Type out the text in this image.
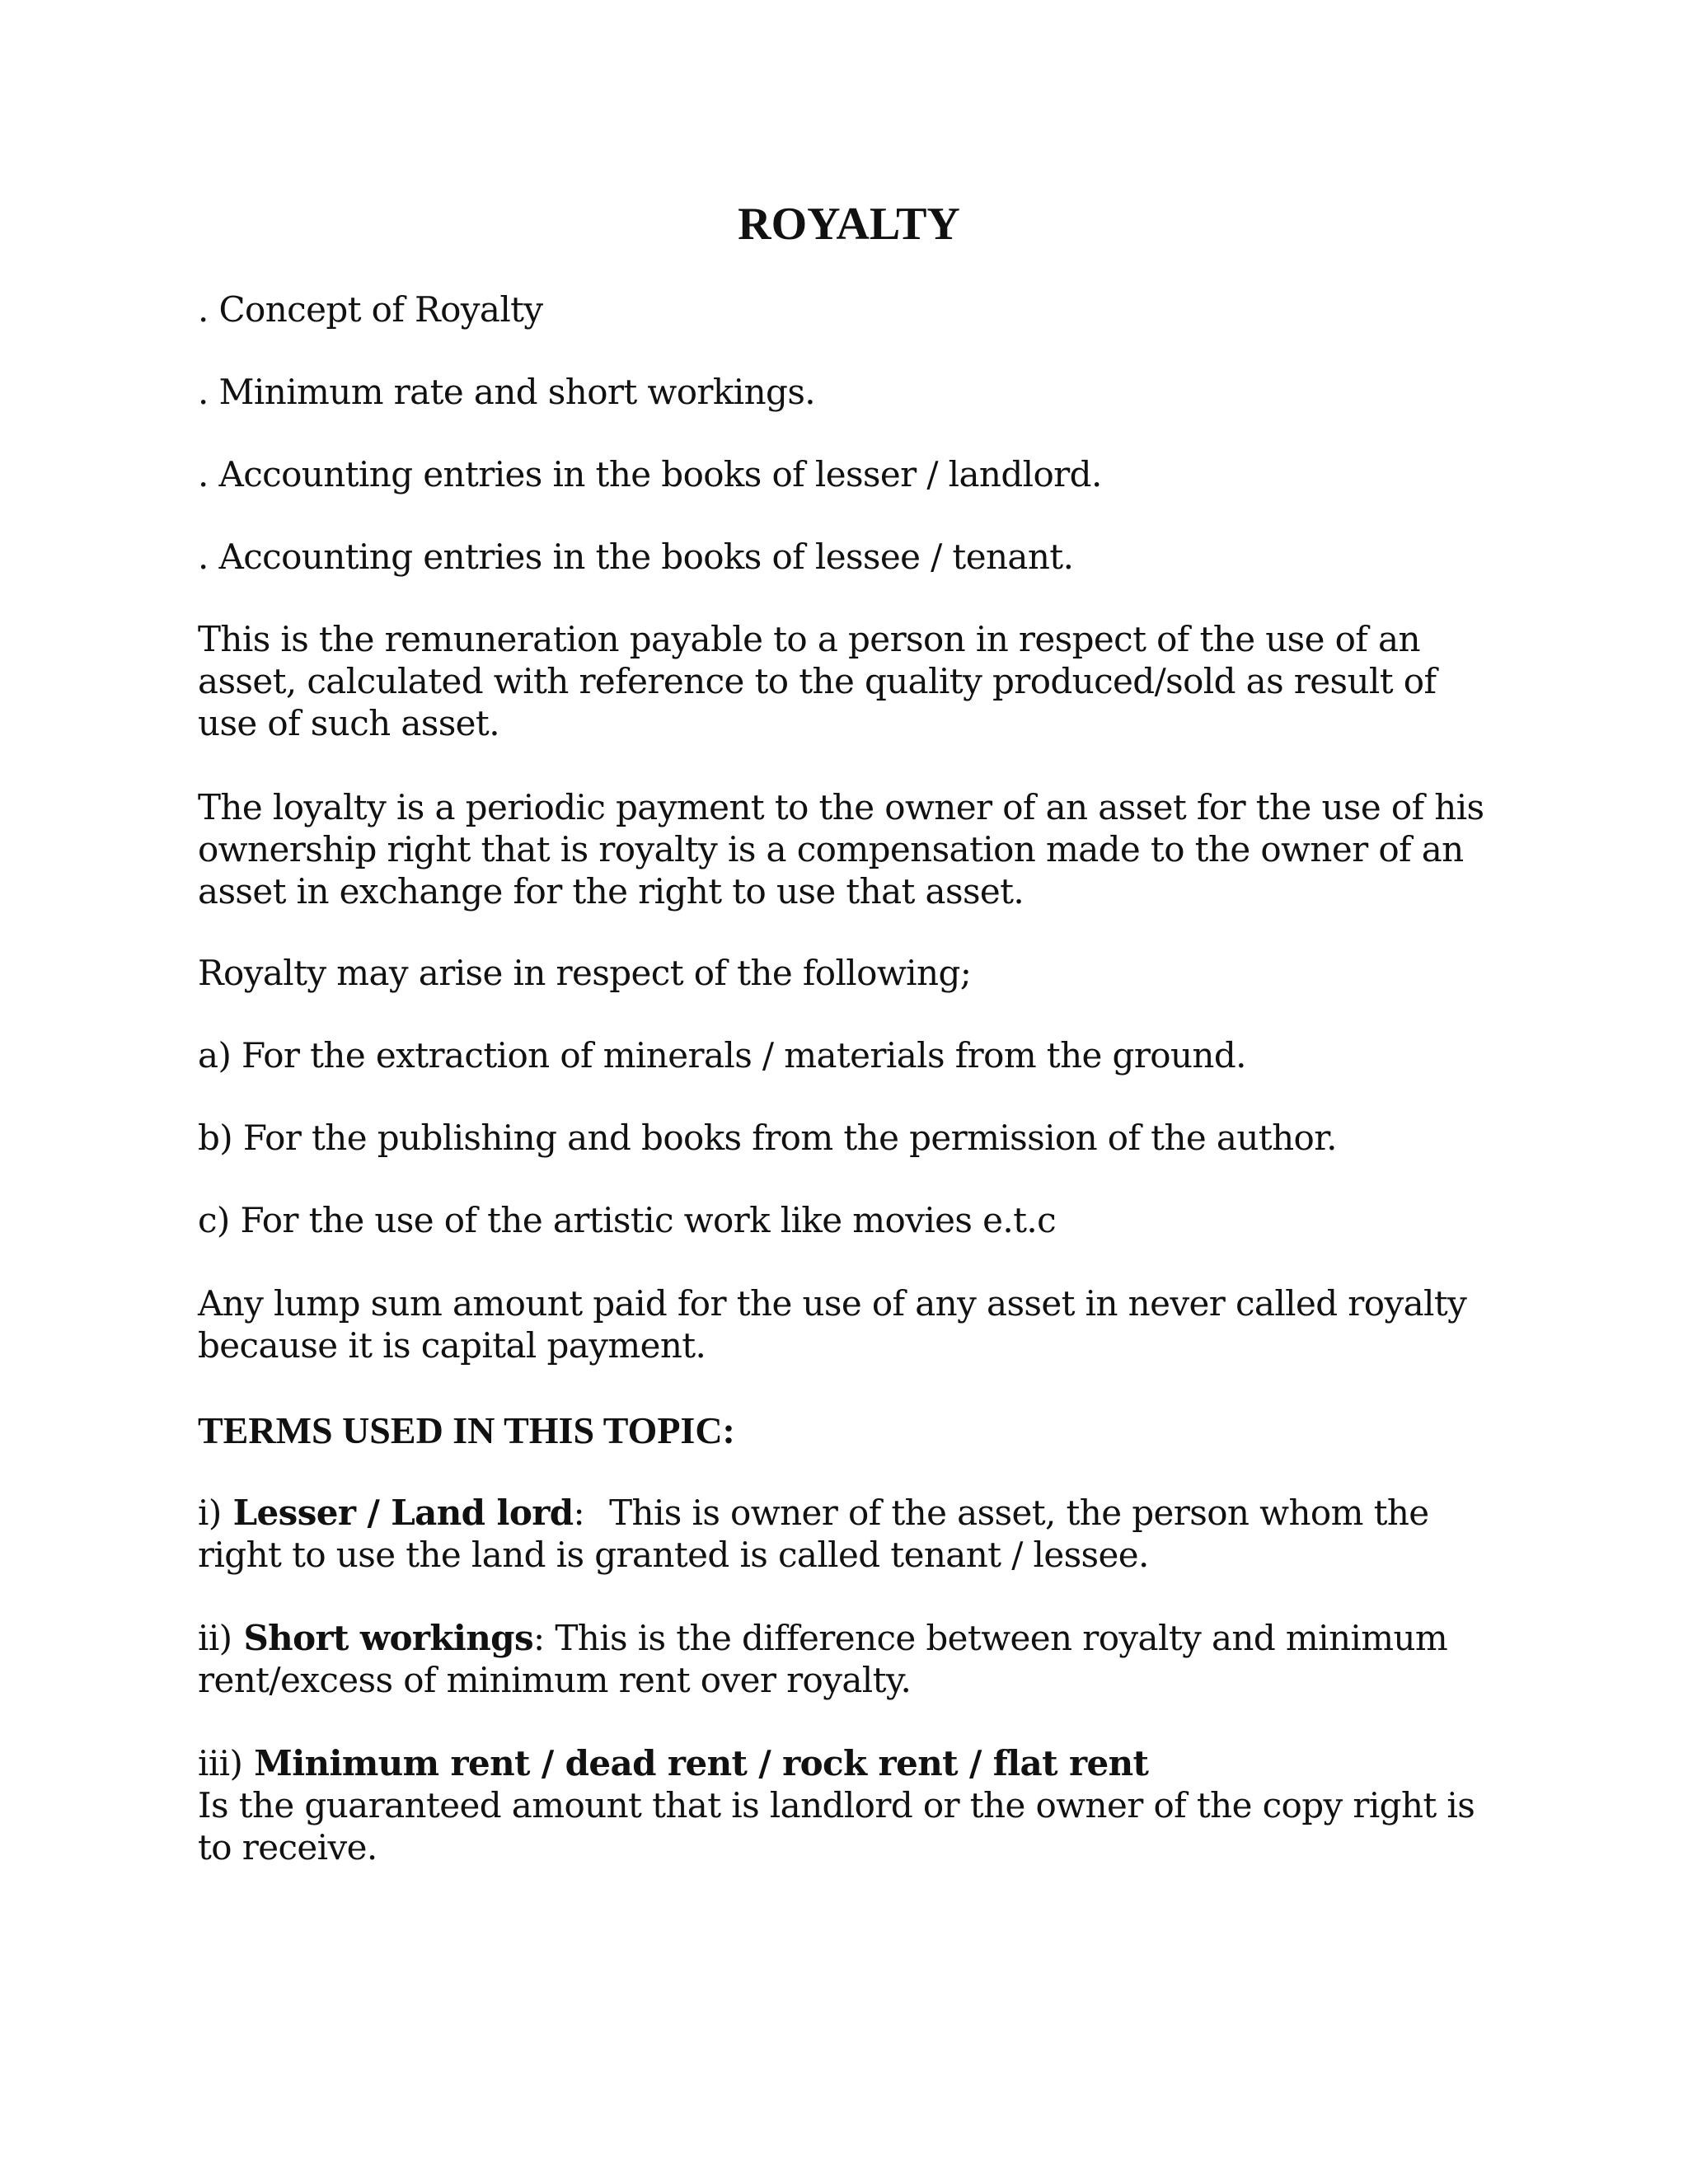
ROYALTY

. Concept of Royalty

. Minimum rate and short workings.

. Accounting entries in the books of lesser / landlord.

. Accounting entries in the books of lessee / tenant.

This is the remuneration payable to a person in respect of the use of an asset, calculated with reference to the quality produced/sold as result of use of such asset.

The loyalty is a periodic payment to the owner of an asset for the use of his ownership right that is royalty is a compensation made to the owner of an asset in exchange for the right to use that asset.

Royalty may arise in respect of the following;

a) For the extraction of minerals / materials from the ground.

b) For the publishing and books from the permission of the author.

c) For the use of the artistic work like movies e.t.c

Any lump sum amount paid for the use of any asset in never called royalty because it is capital payment.

TERMS USED IN THIS TOPIC:

i) Lesser / Land lord: This is owner of the asset, the person whom the right to use the land is granted is called tenant / lessee.

ii) Short workings: This is the difference between royalty and minimum rent/excess of minimum rent over royalty.

iii) Minimum rent / dead rent / rock rent / flat rent
Is the guaranteed amount that is landlord or the owner of the copy right is to receive.
